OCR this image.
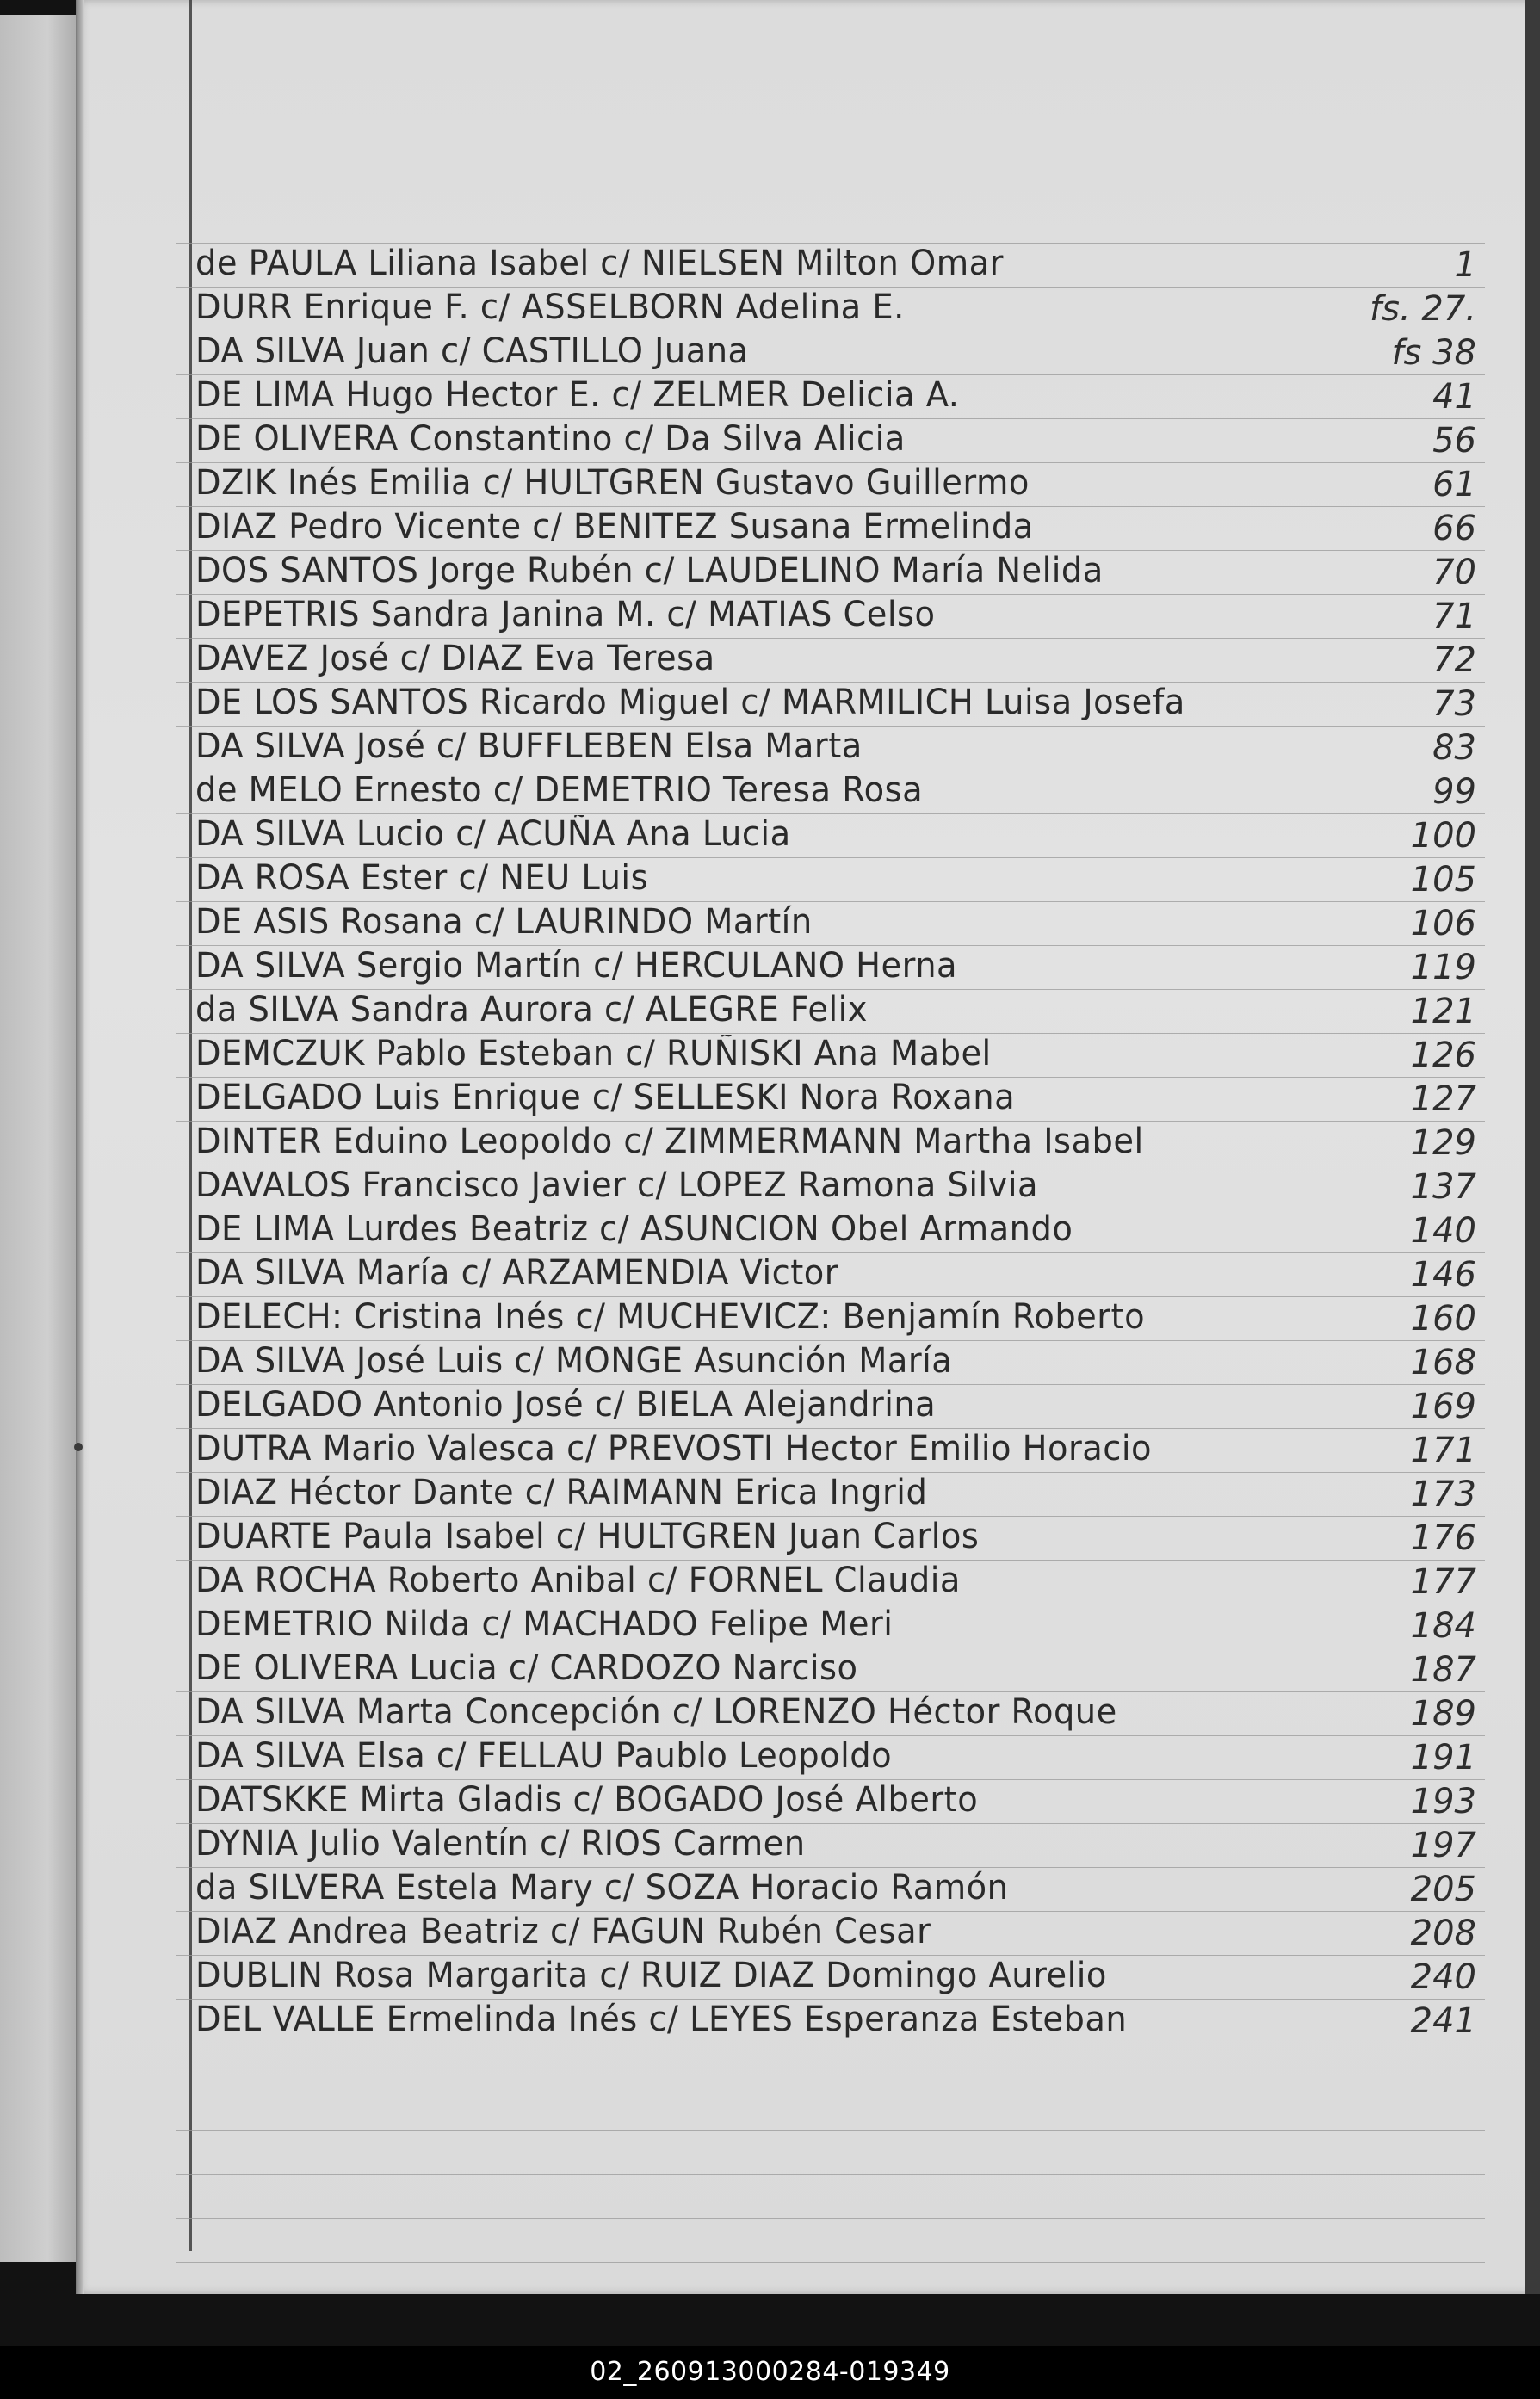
de PAULA Liliana Isabel c/ NIELSEN Milton Omar	1
DURR Enrique F. c/ ASSELBORN Adelina E.	fs. 27.
DA SILVA Juan c/ CASTILLO Juana	fs 38
DE LIMA Hugo Hector E. c/ ZELMER Delicia A.	41
DE OLIVERA Constantino c/ Da Silva Alicia	56
DZIK Inés Emilia c/ HULTGREN Gustavo Guillermo	61
DIAZ Pedro Vicente c/ BENITEZ Susana Ermelinda	66
DOS SANTOS Jorge Rubén c/ LAUDELINO María Nelida	70
DEPETRIS Sandra Janina M. c/ MATIAS Celso	71
DAVEZ José c/ DIAZ Eva Teresa	72
DE LOS SANTOS Ricardo Miguel c/ MARMILICH Luisa Josefa	73
DA SILVA José c/ BUFFLEBEN Elsa Marta	83
de MELO Ernesto c/ DEMETRIO Teresa Rosa	99
DA SILVA Lucio c/ ACUÑA Ana Lucia	100
DA ROSA Ester c/ NEU Luis	105
DE ASIS Rosana c/ LAURINDO Martín	106
DA SILVA Sergio Martín c/ HERCULANO Herna	119
da SILVA Sandra Aurora c/ ALEGRE Felix	121
DEMCZUK Pablo Esteban c/ RUÑISKI Ana Mabel	126
DELGADO Luis Enrique c/ SELLESKI Nora Roxana	127
DINTER Eduino Leopoldo c/ ZIMMERMANN Martha Isabel	129
DAVALOS Francisco Javier c/ LOPEZ Ramona Silvia	137
DE LIMA Lurdes Beatriz c/ ASUNCION Obel Armando	140
DA SILVA María c/ ARZAMENDIA Victor	146
DELECH: Cristina Inés c/ MUCHEVICZ: Benjamín Roberto	160
DA SILVA José Luis c/ MONGE Asunción María	168
DELGADO Antonio José c/ BIELA Alejandrina	169
DUTRA Mario Valesca c/ PREVOSTI Hector Emilio Horacio	171
DIAZ Héctor Dante c/ RAIMANN Erica Ingrid	173
DUARTE Paula Isabel c/ HULTGREN Juan Carlos	176
DA ROCHA Roberto Anibal c/ FORNEL Claudia	177
DEMETRIO Nilda c/ MACHADO Felipe Meri	184
DE OLIVERA Lucia c/ CARDOZO Narciso	187
DA SILVA Marta Concepción c/ LORENZO Héctor Roque	189
DA SILVA Elsa c/ FELLAU Paublo Leopoldo	191
DATSKKE Mirta Gladis c/ BOGADO José Alberto	193
DYNIA Julio Valentín c/ RIOS Carmen	197
da SILVERA Estela Mary c/ SOZA Horacio Ramón	205
DIAZ Andrea Beatriz c/ FAGUN Rubén Cesar	208
DUBLIN Rosa Margarita c/ RUIZ DIAZ Domingo Aurelio	240
DEL VALLE Ermelinda Inés c/ LEYES Esperanza Esteban	241
02_260913000284-019349
